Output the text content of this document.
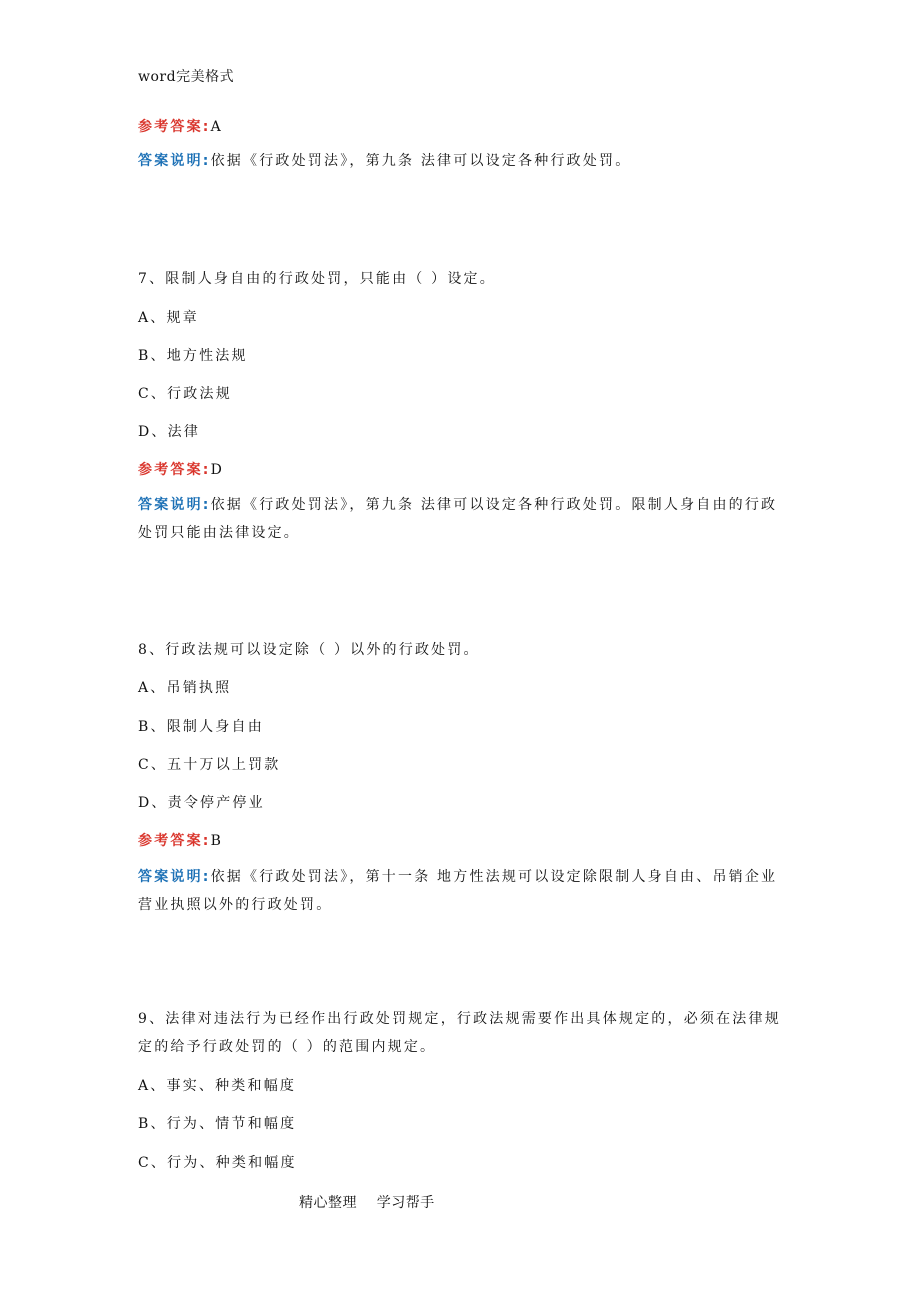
word完美格式
参考答案:A
答案说明:依据《行政处罚法》，第九条 法律可以设定各种行政处罚。
7、限制人身自由的行政处罚，只能由（ ）设定。
A、规章
B、地方性法规
C、行政法规
D、法律
参考答案:D
答案说明:依据《行政处罚法》，第九条 法律可以设定各种行政处罚。限制人身自由的行政处罚只能由法律设定。
8、行政法规可以设定除（ ）以外的行政处罚。
A、吊销执照
B、限制人身自由
C、五十万以上罚款
D、责令停产停业
参考答案:B
答案说明:依据《行政处罚法》，第十一条 地方性法规可以设定除限制人身自由、吊销企业营业执照以外的行政处罚。
9、法律对违法行为已经作出行政处罚规定，行政法规需要作出具体规定的，必须在法律规定的给予行政处罚的（ ）的范围内规定。
A、事实、种类和幅度
B、行为、情节和幅度
C、行为、种类和幅度
精心整理    学习帮手
